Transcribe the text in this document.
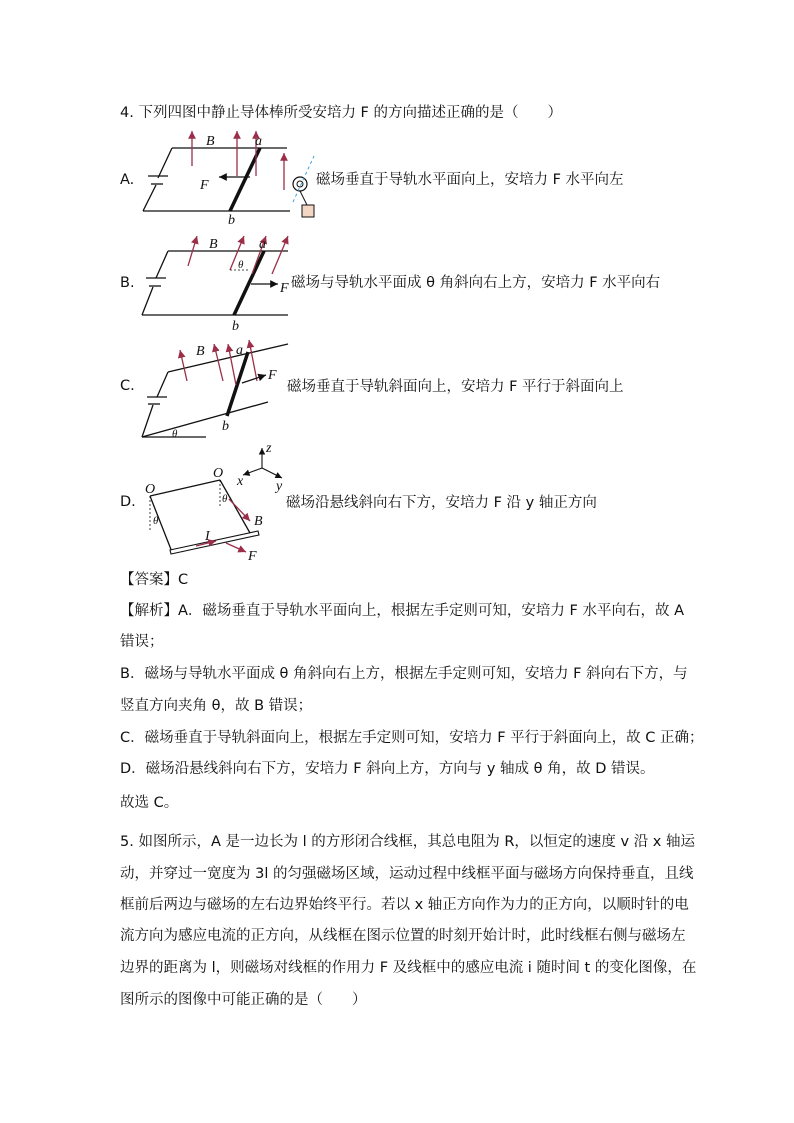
4. 下列四图中静止导体棒所受安培力 F 的方向描述正确的是（　　）
A.
B.
C.
D.
磁场垂直于导轨水平面向上，安培力 F 水平向左
磁场与导轨水平面成 θ 角斜向右上方，安培力 F 水平向右
磁场垂直于导轨斜面向上，安培力 F 平行于斜面向上
磁场沿悬线斜向右下方，安培力 F 沿 y 轴正方向
B	a
F
b
B	a
θ
F
b
B a
F
b
θ
z
x y
O
O
θ
θ
B
I
F
【答案】C
【解析】A．磁场垂直于导轨水平面向上，根据左手定则可知，安培力 F 水平向右，故 A
错误；
B．磁场与导轨水平面成 θ 角斜向右上方，根据左手定则可知，安培力 F 斜向右下方，与
竖直方向夹角 θ，故 B 错误；
C．磁场垂直于导轨斜面向上，根据左手定则可知，安培力 F 平行于斜面向上，故 C 正确；
D．磁场沿悬线斜向右下方，安培力 F 斜向上方，方向与 y 轴成 θ 角，故 D 错误。
故选 C。
5. 如图所示，A 是一边长为 l 的方形闭合线框，其总电阻为 R，以恒定的速度 v 沿 x 轴运
动，并穿过一宽度为 3l 的匀强磁场区域，运动过程中线框平面与磁场方向保持垂直，且线
框前后两边与磁场的左右边界始终平行。若以 x 轴正方向作为力的正方向，以顺时针的电
流方向为感应电流的正方向，从线框在图示位置的时刻开始计时，此时线框右侧与磁场左
边界的距离为 l，则磁场对线框的作用力 F 及线框中的感应电流 i 随时间 t 的变化图像，在
图所示的图像中可能正确的是（　　）
